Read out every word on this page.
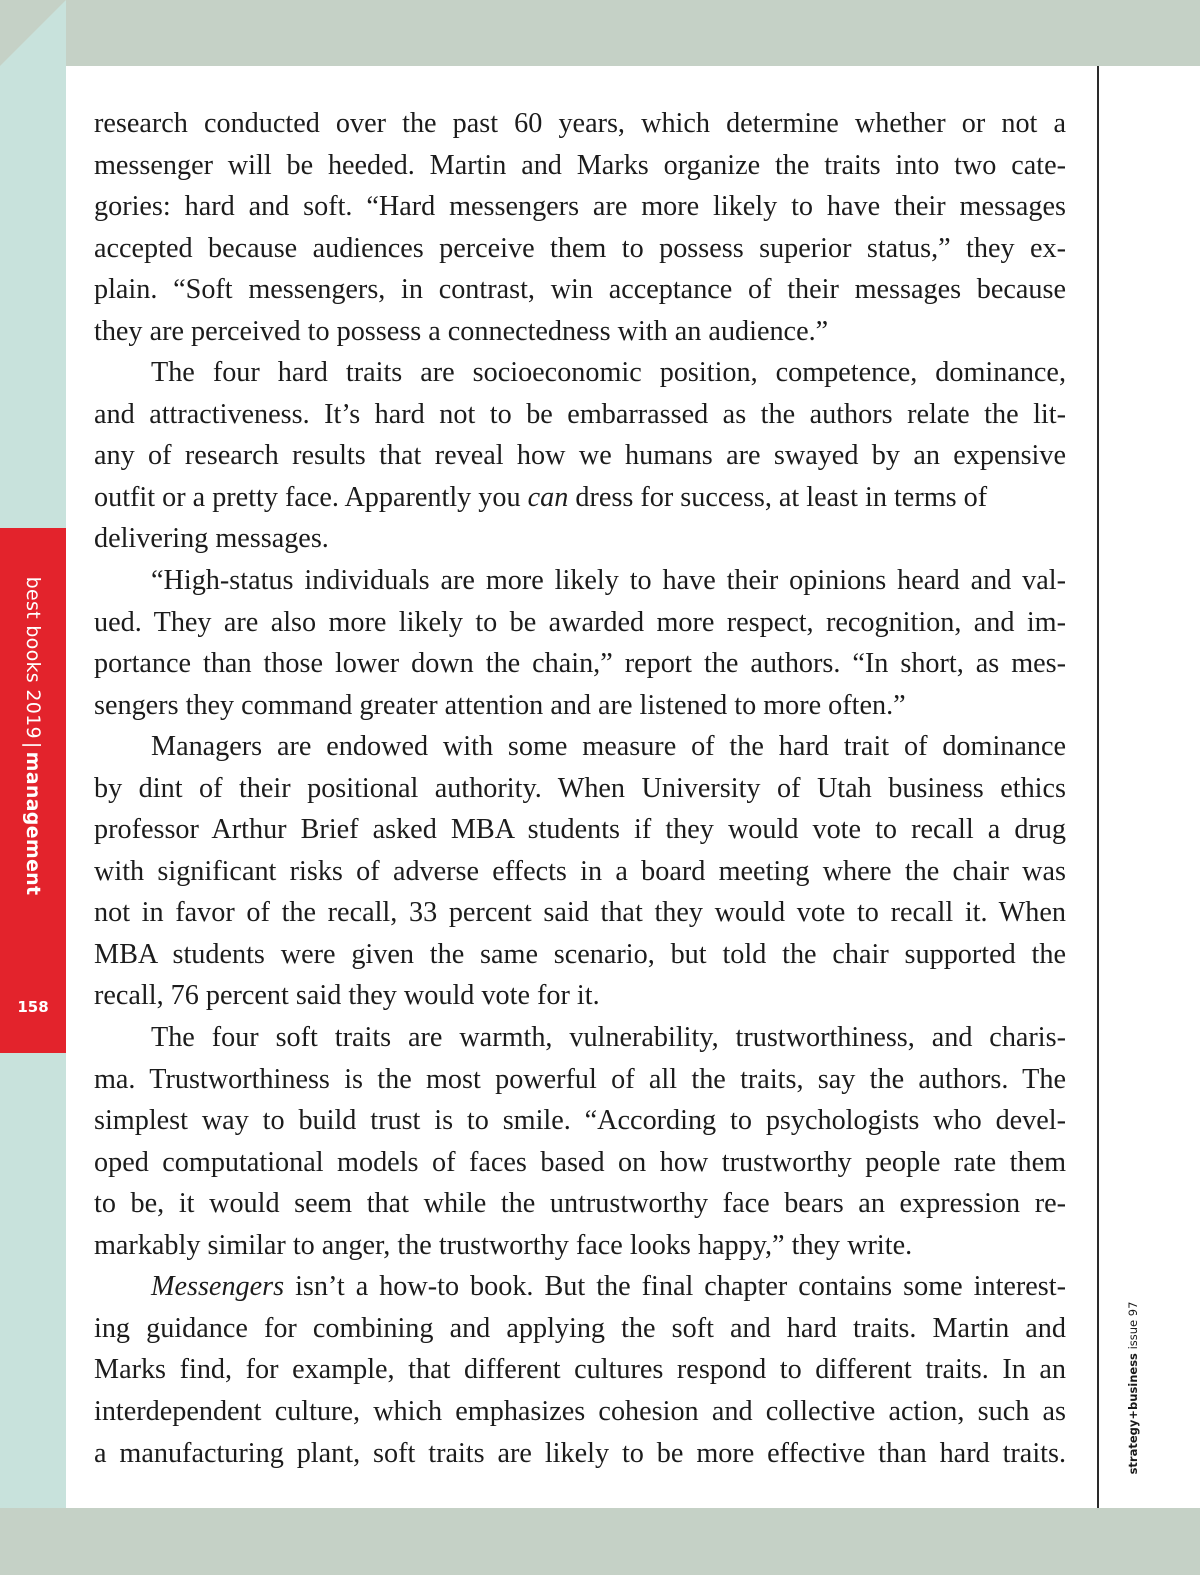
best books 2019|management
158
strategy+business issue 97
research conducted over the past 60 years, which determine whether or not a
messenger will be heeded. Martin and Marks organize the traits into two cate-
gories: hard and soft. “Hard messengers are more likely to have their messages
accepted because audiences perceive them to possess superior status,” they ex-
plain. “Soft messengers, in contrast, win acceptance of their messages because
they are perceived to possess a connectedness with an audience.”
The four hard traits are socioeconomic position, competence, dominance,
and attractiveness. It’s hard not to be embarrassed as the authors relate the lit-
any of research results that reveal how we humans are swayed by an expensive
outfit or a pretty face. Apparently you can dress for success, at least in terms of
delivering messages.
“High-status individuals are more likely to have their opinions heard and val-
ued. They are also more likely to be awarded more respect, recognition, and im-
portance than those lower down the chain,” report the authors. “In short, as mes-
sengers they command greater attention and are listened to more often.”
Managers are endowed with some measure of the hard trait of dominance
by dint of their positional authority. When University of Utah business ethics
professor Arthur Brief asked MBA students if they would vote to recall a drug
with significant risks of adverse effects in a board meeting where the chair was
not in favor of the recall, 33 percent said that they would vote to recall it. When
MBA students were given the same scenario, but told the chair supported the
recall, 76 percent said they would vote for it.
The four soft traits are warmth, vulnerability, trustworthiness, and charis-
ma. Trustworthiness is the most powerful of all the traits, say the authors. The
simplest way to build trust is to smile. “According to psychologists who devel-
oped computational models of faces based on how trustworthy people rate them
to be, it would seem that while the untrustworthy face bears an expression re-
markably similar to anger, the trustworthy face looks happy,” they write.
Messengers isn’t a how-to book. But the final chapter contains some interest-
ing guidance for combining and applying the soft and hard traits. Martin and
Marks find, for example, that different cultures respond to different traits. In an
interdependent culture, which emphasizes cohesion and collective action, such as
a manufacturing plant, soft traits are likely to be more effective than hard traits.
